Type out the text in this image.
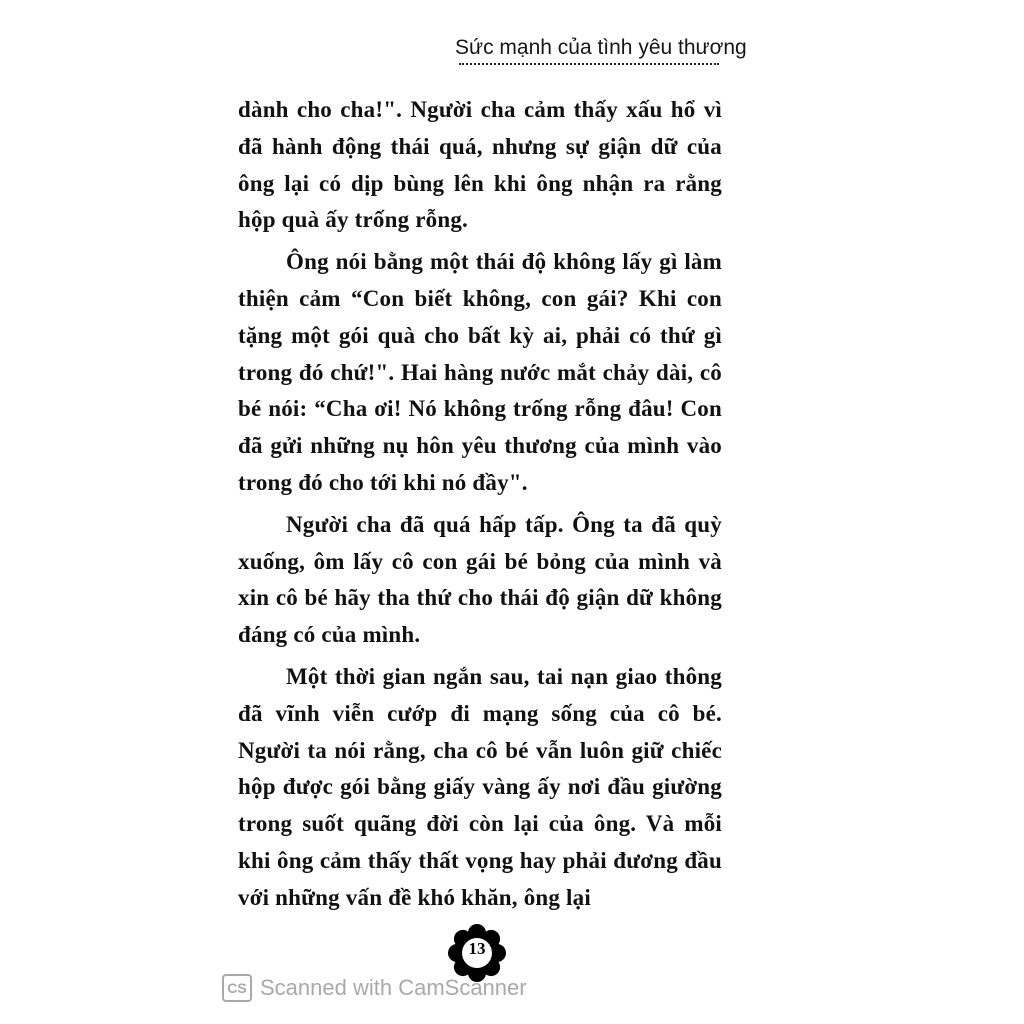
Sức mạnh của tình yêu thương

dành cho cha!". Người cha cảm thấy xấu hổ vì đã hành động thái quá, nhưng sự giận dữ của ông lại có dịp bùng lên khi ông nhận ra rằng hộp quà ấy trống rỗng.

Ông nói bằng một thái độ không lấy gì làm thiện cảm “Con biết không, con gái? Khi con tặng một gói quà cho bất kỳ ai, phải có thứ gì trong đó chứ!". Hai hàng nước mắt chảy dài, cô bé nói: “Cha ơi! Nó không trống rỗng đâu! Con đã gửi những nụ hôn yêu thương của mình vào trong đó cho tới khi nó đầy".

Người cha đã quá hấp tấp. Ông ta đã quỳ xuống, ôm lấy cô con gái bé bỏng của mình và xin cô bé hãy tha thứ cho thái độ giận dữ không đáng có của mình.

Một thời gian ngắn sau, tai nạn giao thông đã vĩnh viễn cướp đi mạng sống của cô bé. Người ta nói rằng, cha cô bé vẫn luôn giữ chiếc hộp được gói bằng giấy vàng ấy nơi đầu giường trong suốt quãng đời còn lại của ông. Và mỗi khi ông cảm thấy thất vọng hay phải đương đầu với những vấn đề khó khăn, ông lại

13
CS Scanned with CamScanner
